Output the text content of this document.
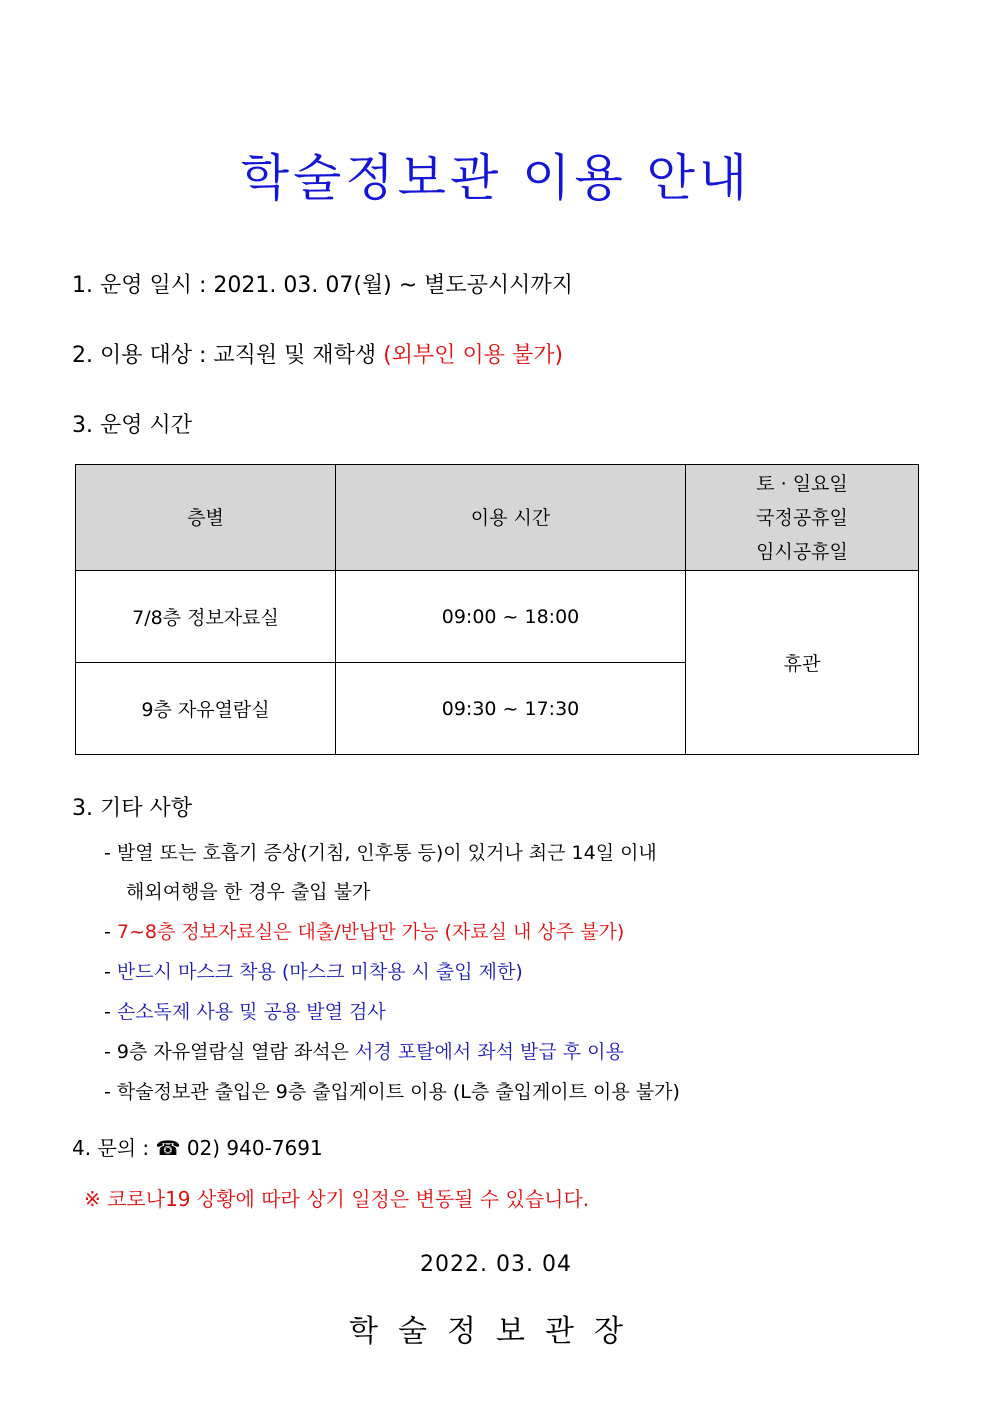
학술정보관 이용 안내
1. 운영 일시 : 2021. 03. 07(월) ~ 별도공시시까지
2. 이용 대상 : 교직원 및 재학생 (외부인 이용 불가)
3. 운영 시간
층별	이용 시간	토 · 일요일
국정공휴일
임시공휴일

7/8층 정보자료실	09:00 ~ 18:00	휴관
9층 자유열람실	09:30 ~ 17:30	
3. 기타 사항
- 발열 또는 호흡기 증상(기침, 인후통 등)이 있거나 최근 14일 이내
해외여행을 한 경우 출입 불가
- 7~8층 정보자료실은 대출/반납만 가능 (자료실 내 상주 불가)
- 반드시 마스크 착용 (마스크 미착용 시 출입 제한)
- 손소독제 사용 및 공용 발열 검사
- 9층 자유열람실 열람 좌석은 서경 포탈에서 좌석 발급 후 이용
- 학술정보관 출입은 9층 출입게이트 이용 (L층 출입게이트 이용 불가)
4. 문의 : ☎ 02) 940-7691
※ 코로나19 상황에 따라 상기 일정은 변동될 수 있습니다.
2022. 03. 04
학술정보관장
